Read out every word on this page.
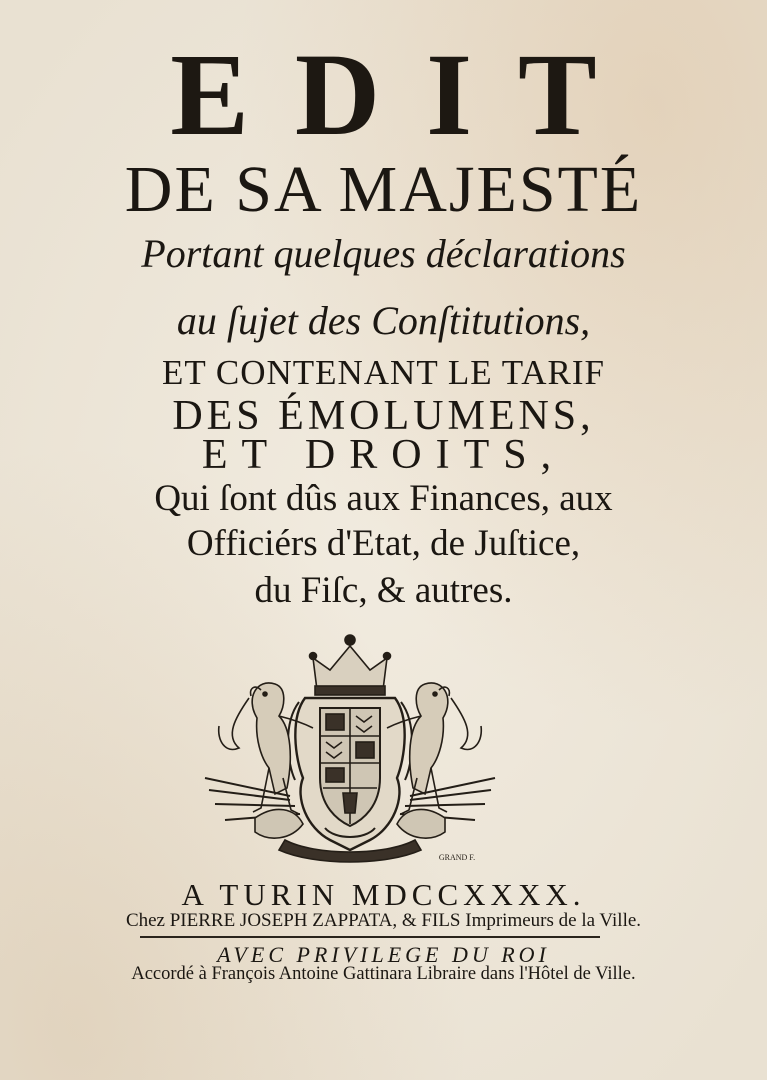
EDIT
DE SA MAJESTÉ
Portant quelques déclarations
au ſujet des Conſtitutions,
ET CONTENANT LE TARIF
DES ÉMOLUMENS,
ET DROITS,
Qui ſont dûs aux Finances, aux
Officiérs d'Etat, de Juſtice,
du Fiſc, & autres.
GRAND F.
A TURIN MDCCXXXX.
Chez PIERRE JOSEPH ZAPPATA, & FILS Imprimeurs de la Ville.
AVEC PRIVILEGE DU ROI
Accordé à François Antoine Gattinara Libraire dans l'Hôtel de Ville.
